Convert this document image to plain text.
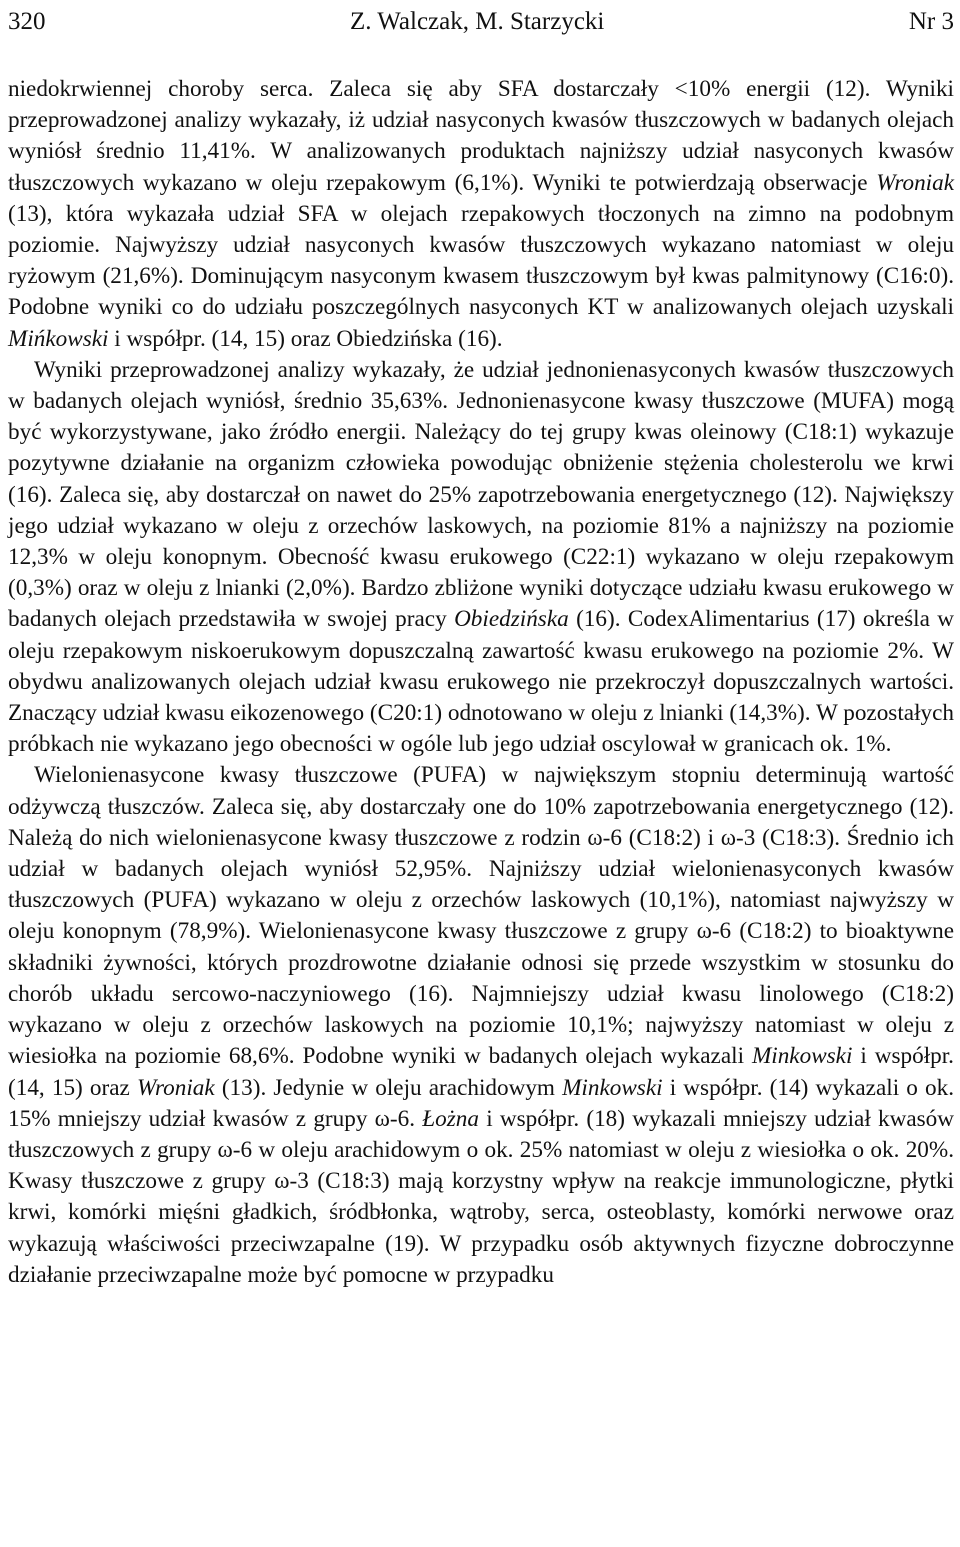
320	Z. Walczak, M. Starzycki	Nr 3

niedokrwiennej choroby serca. Zaleca się aby SFA dostarczały <10% energii (12). Wyniki przeprowadzonej analizy wykazały, iż udział nasyconych kwasów tłuszczowych w badanych olejach wyniósł średnio 11,41%. W analizowanych produktach najniższy udział nasyconych kwasów tłuszczowych wykazano w oleju rzepakowym (6,1%). Wyniki te potwierdzają obserwacje Wroniak (13), która wykazała udział SFA w olejach rzepakowych tłoczonych na zimno na podobnym poziomie. Najwyższy udział nasyconych kwasów tłuszczowych wykazano natomiast w oleju ryżowym (21,6%). Dominującym nasyconym kwasem tłuszczowym był kwas palmitynowy (C16:0). Podobne wyniki co do udziału poszczególnych nasyconych KT w analizowanych olejach uzyskali Mińkowski i współpr. (14, 15) oraz Obiedzińska (16).

Wyniki przeprowadzonej analizy wykazały, że udział jednonienasyconych kwasów tłuszczowych w badanych olejach wyniósł, średnio 35,63%. Jednonienasycone kwasy tłuszczowe (MUFA) mogą być wykorzystywane, jako źródło energii. Należący do tej grupy kwas oleinowy (C18:1) wykazuje pozytywne działanie na organizm człowieka powodując obniżenie stężenia cholesterolu we krwi (16). Zaleca się, aby dostarczał on nawet do 25% zapotrzebowania energetycznego (12). Największy jego udział wykazano w oleju z orzechów laskowych, na poziomie 81% a najniższy na poziomie 12,3% w oleju konopnym. Obecność kwasu erukowego (C22:1) wykazano w oleju rzepakowym (0,3%) oraz w oleju z lnianki (2,0%). Bardzo zbliżone wyniki dotyczące udziału kwasu erukowego w badanych olejach przedstawiła w swojej pracy Obiedzińska (16). CodexAlimentarius (17) określa w oleju rzepakowym niskoerukowym dopuszczalną zawartość kwasu erukowego na poziomie 2%. W obydwu analizowanych olejach udział kwasu erukowego nie przekroczył dopuszczalnych wartości. Znaczący udział kwasu eikozenowego (C20:1) odnotowano w oleju z lnianki (14,3%). W pozostałych próbkach nie wykazano jego obecności w ogóle lub jego udział oscylował w granicach ok. 1%.

Wielonienasycone kwasy tłuszczowe (PUFA) w największym stopniu determinują wartość odżywczą tłuszczów. Zaleca się, aby dostarczały one do 10% zapotrzebowania energetycznego (12). Należą do nich wielonienasycone kwasy tłuszczowe z rodzin ω-6 (C18:2) i ω-3 (C18:3). Średnio ich udział w badanych olejach wyniósł 52,95%. Najniższy udział wielonienasyconych kwasów tłuszczowych (PUFA) wykazano w oleju z orzechów laskowych (10,1%), natomiast najwyższy w oleju konopnym (78,9%). Wielonienasycone kwasy tłuszczowe z grupy ω-6 (C18:2) to bioaktywne składniki żywności, których prozdrowotne działanie odnosi się przede wszystkim w stosunku do chorób układu sercowo-naczyniowego (16). Najmniejszy udział kwasu linolowego (C18:2) wykazano w oleju z orzechów laskowych na poziomie 10,1%; najwyższy natomiast w oleju z wiesiołka na poziomie 68,6%. Podobne wyniki w badanych olejach wykazali Minkowski i współpr. (14, 15) oraz Wroniak (13). Jedynie w oleju arachidowym Minkowski i współpr. (14) wykazali o ok. 15% mniejszy udział kwasów z grupy ω-6. Łożna i współpr. (18) wykazali mniejszy udział kwasów tłuszczowych z grupy ω-6 w oleju arachidowym o ok. 25% natomiast w oleju z wiesiołka o ok. 20%. Kwasy tłuszczowe z grupy ω-3 (C18:3) mają korzystny wpływ na reakcje immunologiczne, płytki krwi, komórki mięśni gładkich, śródbłonka, wątroby, serca, osteoblasty, komórki nerwowe oraz wykazują właściwości przeciwzapalne (19). W przypadku osób aktywnych fizyczne dobroczynne działanie przeciwzapalne może być pomocne w przypadku
